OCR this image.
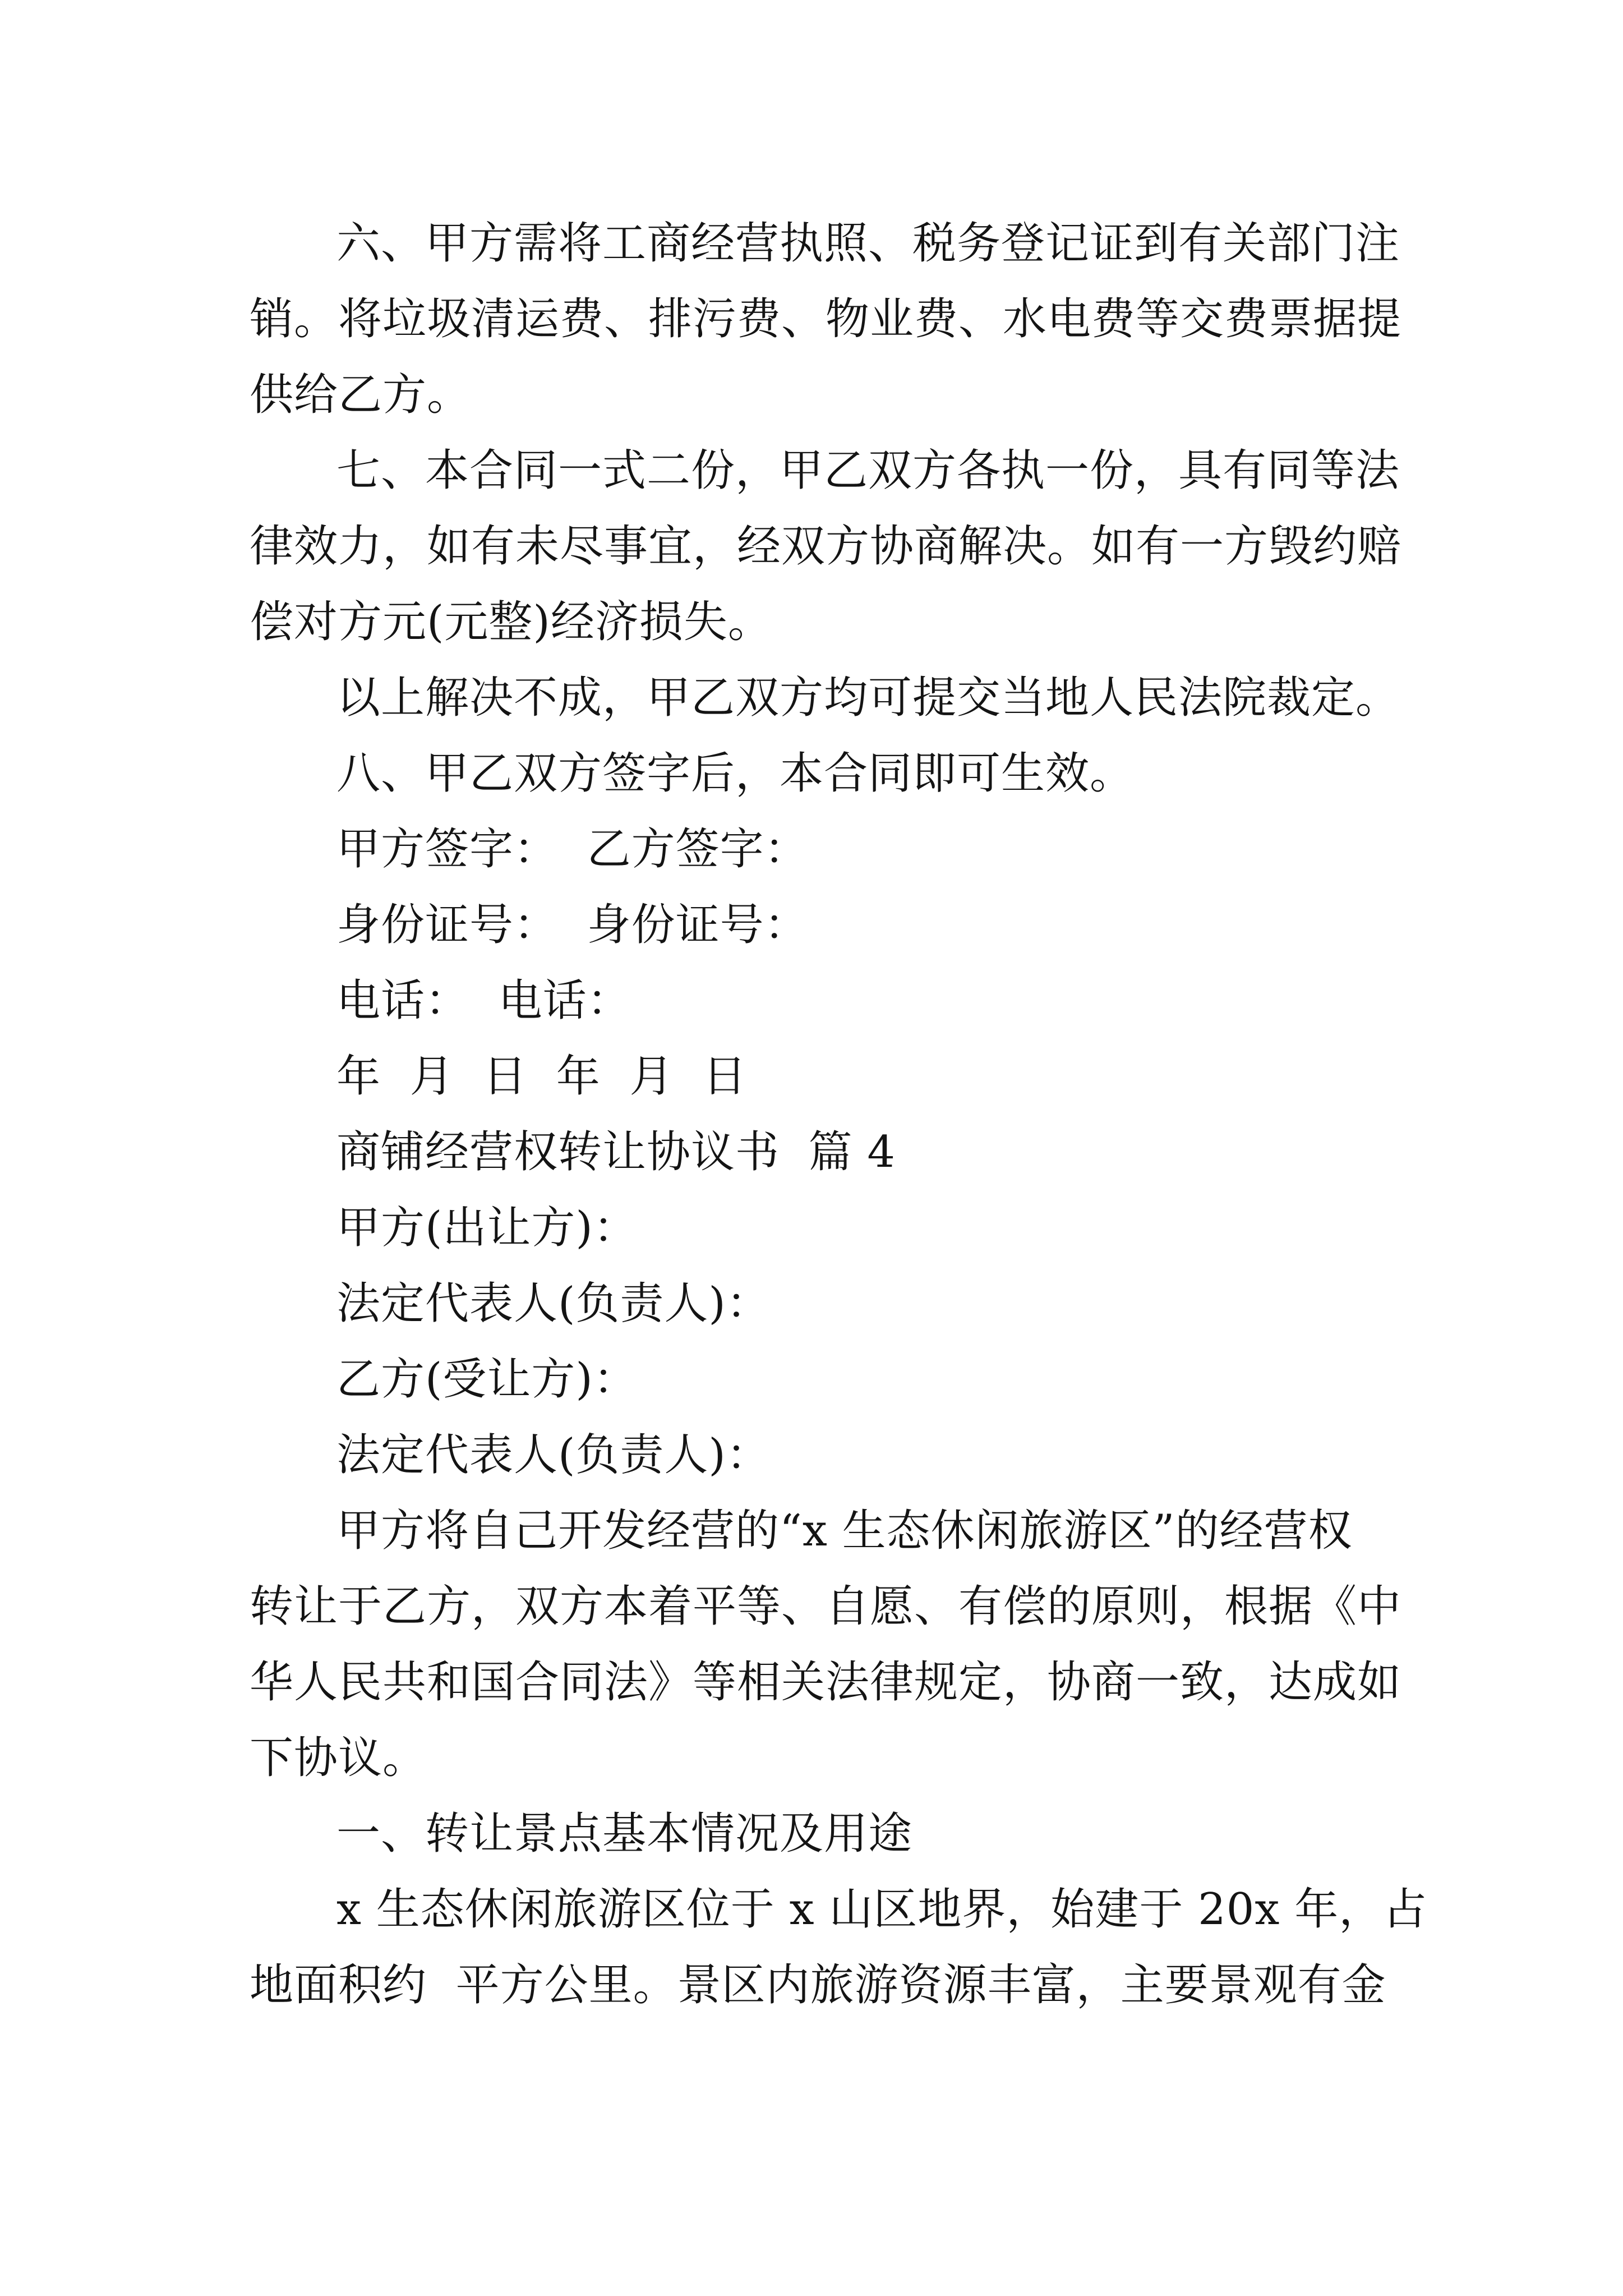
六、甲方需将工商经营执照、税务登记证到有关部门注

销。将垃圾清运费、排污费、物业费、水电费等交费票据提

供给乙方。

七、本合同一式二份，甲乙双方各执一份，具有同等法

律效力，如有未尽事宜，经双方协商解决。如有一方毁约赔

偿对方元(元整)经济损失。

以上解决不成，甲乙双方均可提交当地人民法院裁定。

八、甲乙双方签字后，本合同即可生效。

甲方签字：  乙方签字：

身份证号：  身份证号：

电话：  电话：

年  月  日  年  月  日

商铺经营权转让协议书  篇 4

甲方(出让方)：

法定代表人(负责人)：

乙方(受让方)：

法定代表人(负责人)：

甲方将自己开发经营的“x 生态休闲旅游区”的经营权

转让于乙方，双方本着平等、自愿、有偿的原则，根据《中

华人民共和国合同法》等相关法律规定，协商一致，达成如

下协议。

一、转让景点基本情况及用途

x 生态休闲旅游区位于 x 山区地界，始建于 20x 年，占

地面积约  平方公里。景区内旅游资源丰富，主要景观有金
